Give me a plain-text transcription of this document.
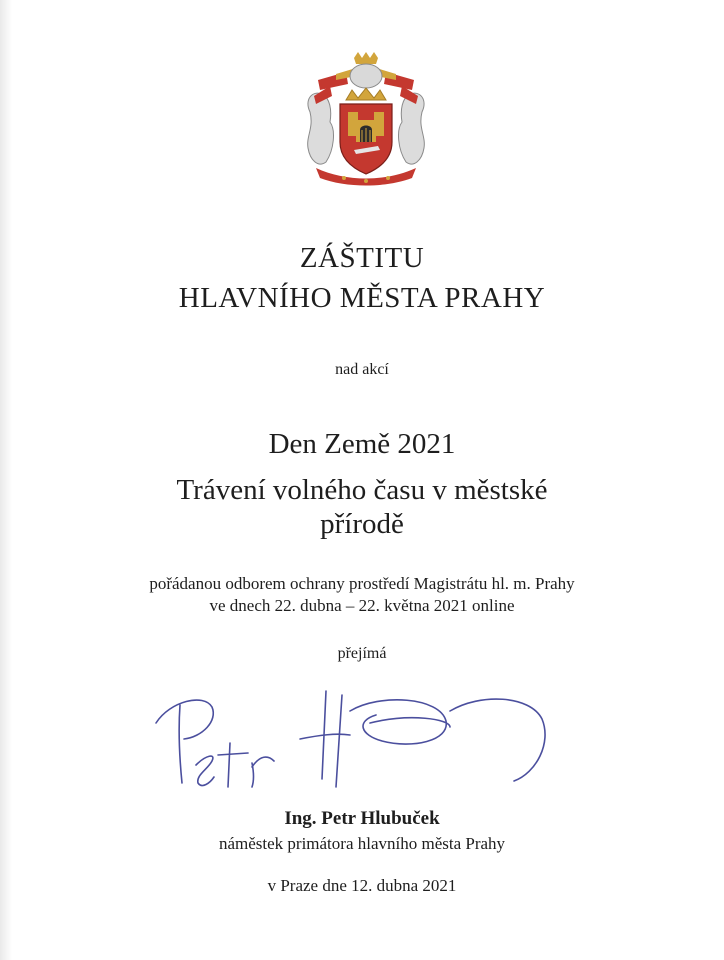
ZÁŠTITU
HLAVNÍHO MĚSTA PRAHY
nad akcí
Den Země 2021
Trávení volného času v městské
přírodě
pořádanou odborem ochrany prostředí Magistrátu hl. m. Prahy
ve dnech 22. dubna – 22. května 2021 online
přejímá
Ing. Petr Hlubuček
náměstek primátora hlavního města Prahy
v Praze dne 12. dubna 2021
